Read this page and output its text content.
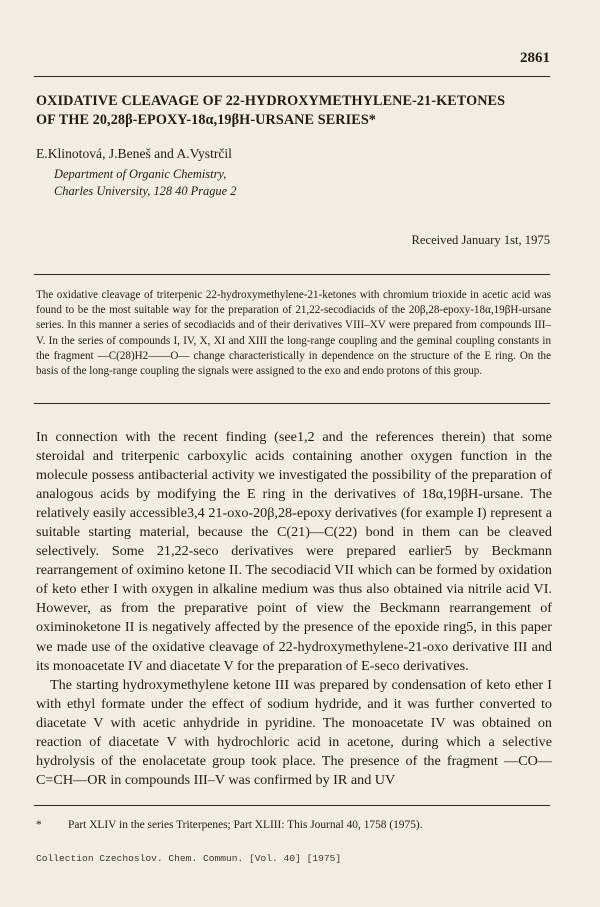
2861
OXIDATIVE CLEAVAGE OF 22-HYDROXYMETHYLENE-21-KETONES
OF THE 20,28β-EPOXY-18α,19βH-URSANE SERIES*
E.Klinotová, J.Beneš and A.Vystrčil
Department of Organic Chemistry,
Charles University, 128 40 Prague 2
Received January 1st, 1975
The oxidative cleavage of triterpenic 22-hydroxymethylene-21-ketones with chromium trioxide in acetic acid was found to be the most suitable way for the preparation of 21,22-secodiacids of the 20β,28-epoxy-18α,19βH-ursane series. In this manner a series of secodiacids and of their derivatives VIII–XV were prepared from compounds III–V. In the series of compounds I, IV, X, XI and XIII the long-range coupling and the geminal coupling constants in the fragment —C(28)H2——O— change characteristically in dependence on the structure of the E ring. On the basis of the long-range coupling the signals were assigned to the exo and endo protons of this group.

In connection with the recent finding (see1,2 and the references therein) that some steroidal and triterpenic carboxylic acids containing another oxygen function in the molecule possess antibacterial activity we investigated the possibility of the preparation of analogous acids by modifying the E ring in the derivatives of 18α,19βH-ursane. The relatively easily accessible3,4 21-oxo-20β,28-epoxy derivatives (for example I) represent a suitable starting material, because the C(21)—C(22) bond in them can be cleaved selectively. Some 21,22-seco derivatives were prepared earlier5 by Beckmann rearrangement of oximino ketone II. The secodiacid VII which can be formed by oxidation of keto ether I with oxygen in alkaline medium was thus also obtained via nitrile acid VI. However, as from the preparative point of view the Beckmann rearrangement of oximinoketone II is negatively affected by the presence of the epoxide ring5, in this paper we made use of the oxidative cleavage of 22-hydroxymethylene-21-oxo derivative III and its monoacetate IV and diacetate V for the preparation of E-seco derivatives.

The starting hydroxymethylene ketone III was prepared by condensation of keto ether I with ethyl formate under the effect of sodium hydride, and it was further converted to diacetate V with acetic anhydride in pyridine. The monoacetate IV was obtained on reaction of diacetate V with hydrochloric acid in acetone, during which a selective hydrolysis of the enolacetate group took place. The presence of the fragment —CO—C=CH—OR in compounds III–V was confirmed by IR and UV

* Part XLIV in the series Triterpenes; Part XLIII: This Journal 40, 1758 (1975).
Collection Czechoslov. Chem. Commun. [Vol. 40] [1975]
